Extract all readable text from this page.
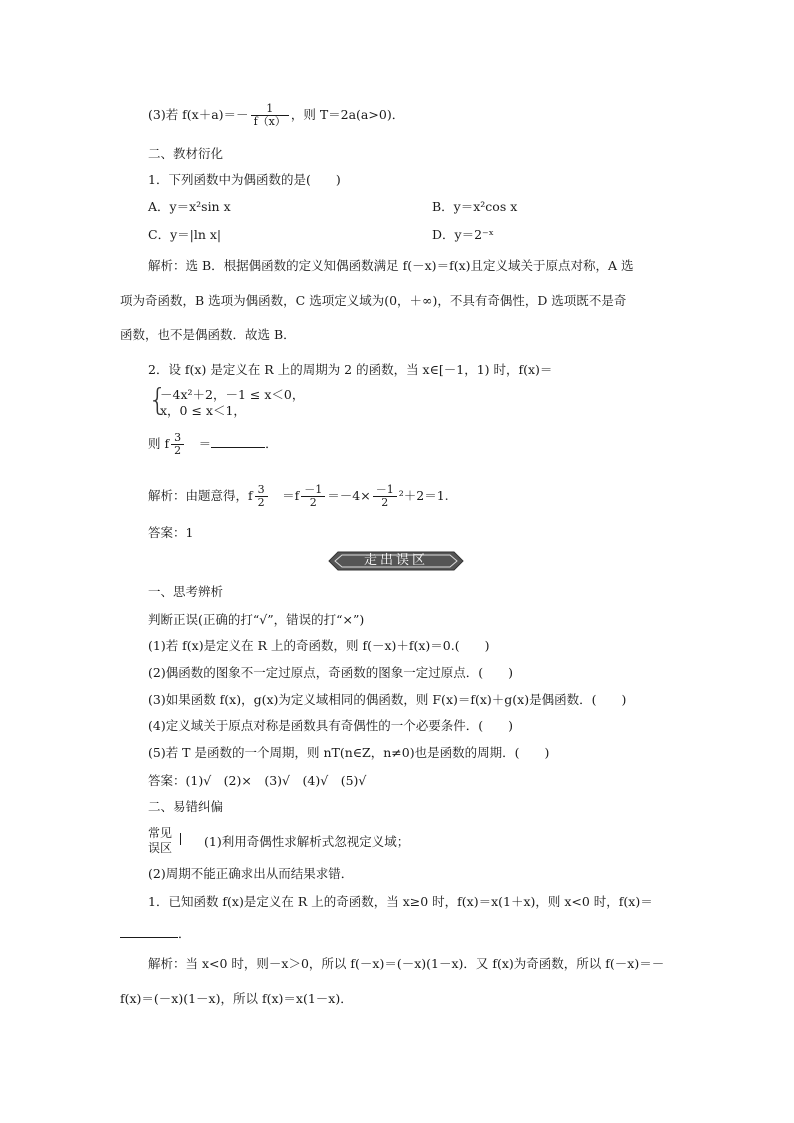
(3)若 $f(x+a)=- \frac{1}{f(x)}$ ，则 T＝2a(a>0)．
二、教材衍化
1．下列函数中为偶函数的是(　　)
A．y＝x²sin x	B．y＝x²cos x
C．y＝|ln x|	D．y＝2⁻ˣ
解析：选 B．根据偶函数的定义知偶函数满足 f(－x)＝f(x)且定义域关于原点对称，A 选
项为奇函数，B 选项为偶函数，C 选项定义域为(0，＋∞)，不具有奇偶性，D 选项既不是奇
函数，也不是偶函数．故选 B．
2．设 f(x) 是定义在 R 上的周期为 2 的函数，当 x∈[－1，1) 时，f(x)＝
{
－4x²＋2，－1 ≤ x＜0，
x，0 ≤ x＜1，
则 f $\frac{3}{2}$
　 ＝	．
解析：由题意得，f $\frac{3}{2}$
　 $=f \frac{-1}{2} =-4\times \frac{-1}{2} ^2+2=1$.
答案：1
走出误区
一、思考辨析
判断正误(正确的打“√”，错误的打“×”)
(1)若 f(x)是定义在 R 上的奇函数，则 f(－x)＋f(x)＝0.(　　)
(2)偶函数的图象不一定过原点，奇函数的图象一定过原点．(　　)
(3)如果函数 f(x)，g(x)为定义域相同的偶函数，则 F(x)＝f(x)＋g(x)是偶函数．(　　)
(4)定义域关于原点对称是函数具有奇偶性的一个必要条件．(　　)
(5)若 T 是函数的一个周期，则 nT(n∈Z，n≠0)也是函数的周期．(　　)
答案：(1)√　(2)×　(3)√　(4)√　(5)√
二、易错纠偏
常见
误区	(1)利用奇偶性求解析式忽视定义域；
(2)周期不能正确求出从而结果求错．
1．已知函数 f(x)是定义在 R 上的奇函数，当 x≥0 时，f(x)＝x(1＋x)，则 x<0 时，f(x)＝
．
解析：当 x<0 时，则－x＞0，所以 f(－x)＝(－x)(1－x)．又 f(x)为奇函数，所以 f(－x)＝－
f(x)＝(－x)(1－x)，所以 f(x)＝x(1－x)．
